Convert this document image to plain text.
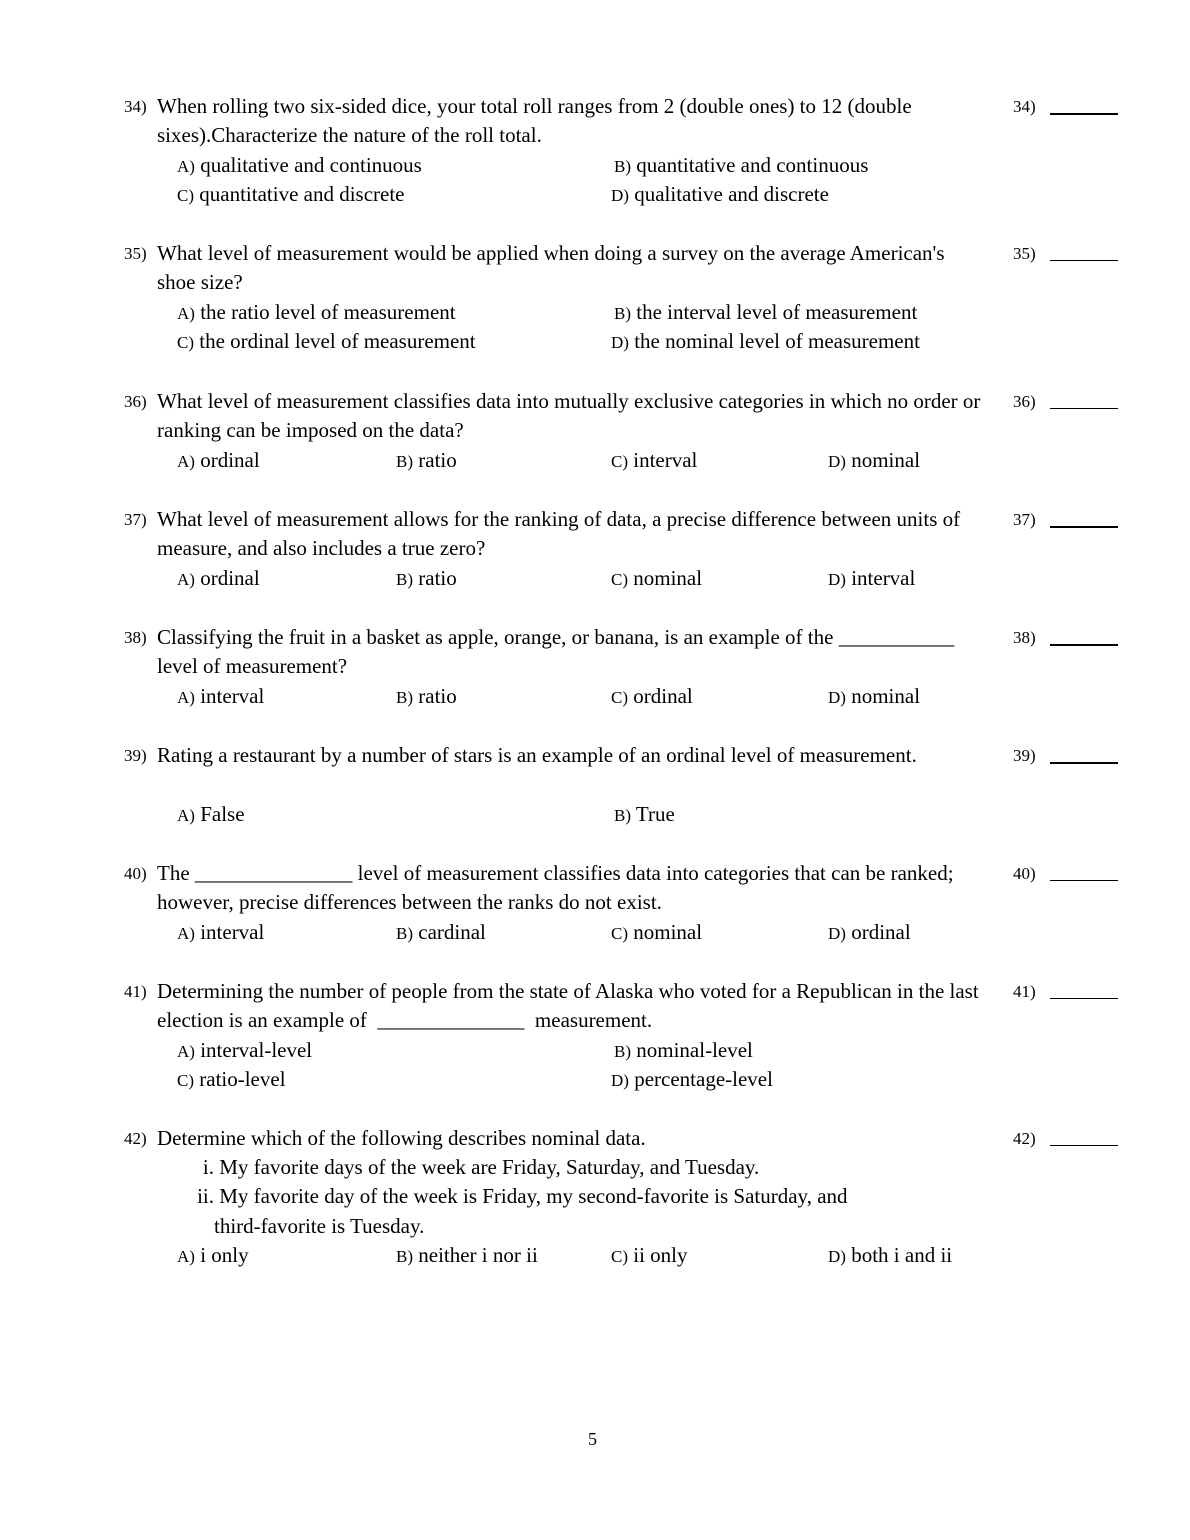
34) When rolling two six-sided dice, your total roll ranges from 2 (double ones) to 12 (double sixes).Characterize the nature of the roll total.
34)
A) qualitative and continuous	B) quantitative and continuous
C) quantitative and discrete	D) qualitative and discrete
35) What level of measurement would be applied when doing a survey on the average American's shoe size?
35)
A) the ratio level of measurement	B) the interval level of measurement
C) the ordinal level of measurement	D) the nominal level of measurement
36) What level of measurement classifies data into mutually exclusive categories in which no order or ranking can be imposed on the data?
36)
A) ordinal	B) ratio	C) interval	D) nominal
37) What level of measurement allows for the ranking of data, a precise difference between units of measure, and also includes a true zero?
37)
A) ordinal	B) ratio	C) nominal	D) interval
38) Classifying the fruit in a basket as apple, orange, or banana, is an example of the ___________ level of measurement?
38)
A) interval	B) ratio	C) ordinal	D) nominal
39) Rating a restaurant by a number of stars is an example of an ordinal level of measurement.	39)
A) False	B) True
40) The _______________ level of measurement classifies data into categories that can be ranked; however, precise differences between the ranks do not exist.
40)
A) interval	B) cardinal	C) nominal	D) ordinal
41) Determining the number of people from the state of Alaska who voted for a Republican in the last election is an example of  ______________  measurement.
41)
A) interval-level	B) nominal-level
C) ratio-level	D) percentage-level
42) Determine which of the following describes nominal data.	42)
i. My favorite days of the week are Friday, Saturday, and Tuesday.
ii. My favorite day of the week is Friday, my second-favorite is Saturday, and
third-favorite is Tuesday.
A) i only	B) neither i nor ii	C) ii only	D) both i and ii
5
